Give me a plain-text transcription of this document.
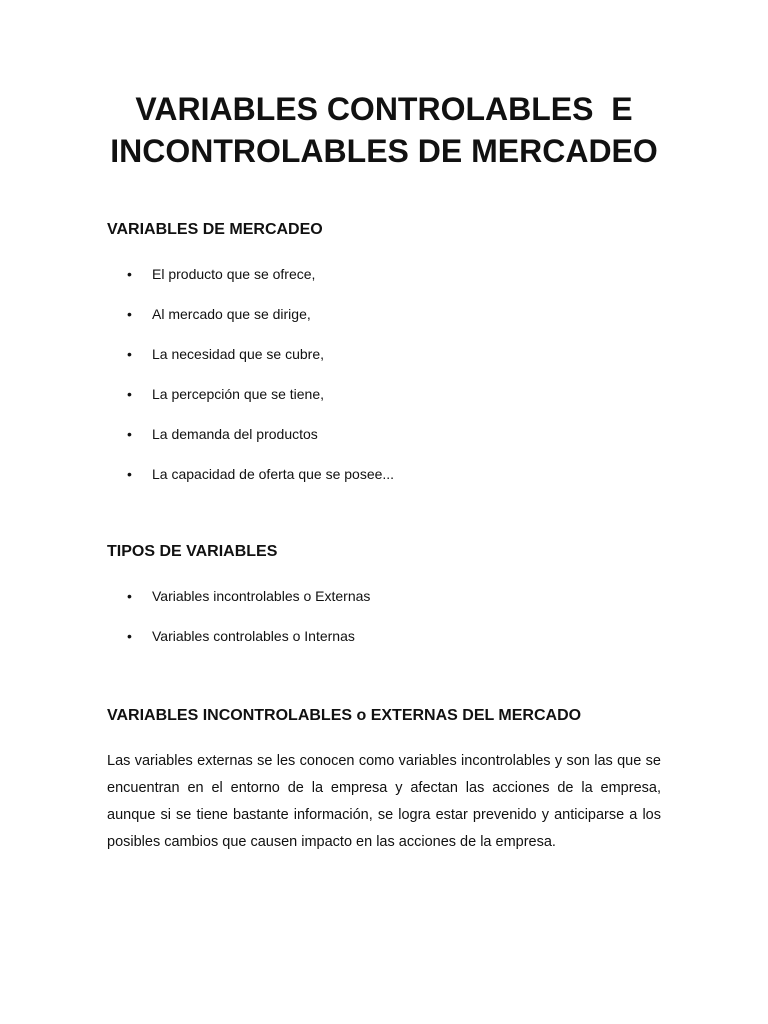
VARIABLES CONTROLABLES  E
INCONTROLABLES DE MERCADEO
VARIABLES DE MERCADEO
• El producto que se ofrece,
• Al mercado que se dirige,
• La necesidad que se cubre,
• La percepción que se tiene,
• La demanda del productos
• La capacidad de oferta que se posee...
TIPOS DE VARIABLES
• Variables incontrolables o Externas
• Variables controlables o Internas
VARIABLES INCONTROLABLES o EXTERNAS DEL MERCADO

Las variables externas se les conocen como variables incontrolables y son las que se encuentran en el entorno de la empresa y afectan las acciones de la empresa, aunque si se tiene bastante información, se logra estar prevenido y anticiparse a los posibles cambios que causen impacto en las acciones de la empresa.
